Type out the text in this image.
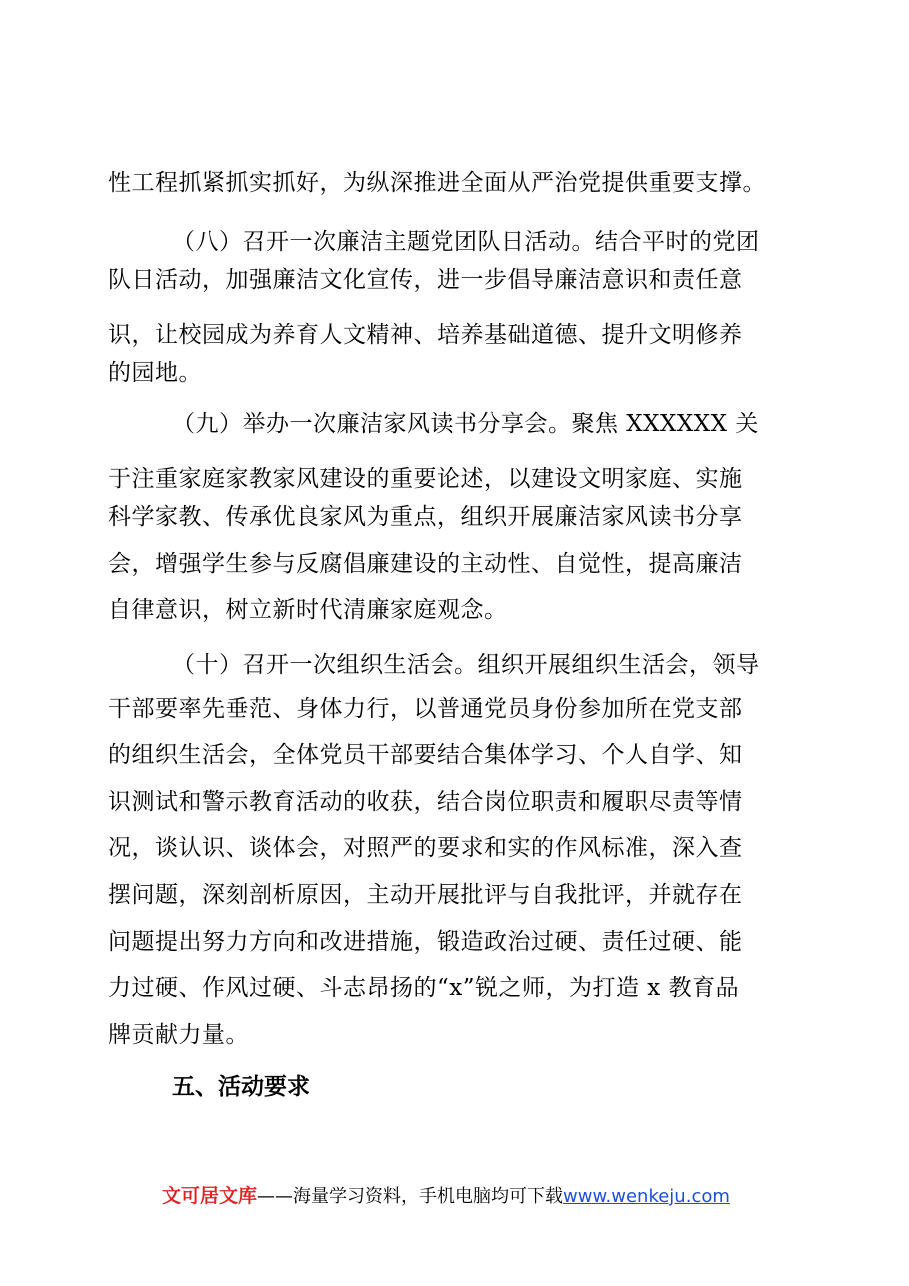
性工程抓紧抓实抓好，为纵深推进全面从严治党提供重要支撑。
（八）召开一次廉洁主题党团队日活动。结合平时的党团
队日活动，加强廉洁文化宣传，进一步倡导廉洁意识和责任意
识，让校园成为养育人文精神、培养基础道德、提升文明修养
的园地。
（九）举办一次廉洁家风读书分享会。聚焦 XXXXXX 关
于注重家庭家教家风建设的重要论述，以建设文明家庭、实施
科学家教、传承优良家风为重点，组织开展廉洁家风读书分享
会，增强学生参与反腐倡廉建设的主动性、自觉性，提高廉洁
自律意识，树立新时代清廉家庭观念。
（十）召开一次组织生活会。组织开展组织生活会，领导
干部要率先垂范、身体力行，以普通党员身份参加所在党支部
的组织生活会，全体党员干部要结合集体学习、个人自学、知
识测试和警示教育活动的收获，结合岗位职责和履职尽责等情
况，谈认识、谈体会，对照严的要求和实的作风标准，深入查
摆问题，深刻剖析原因，主动开展批评与自我批评，并就存在
问题提出努力方向和改进措施，锻造政治过硬、责任过硬、能
力过硬、作风过硬、斗志昂扬的“x”锐之师，为打造 x 教育品
牌贡献力量。
五、活动要求
文可居文库——海量学习资料，手机电脑均可下载www.wenkeju.com
